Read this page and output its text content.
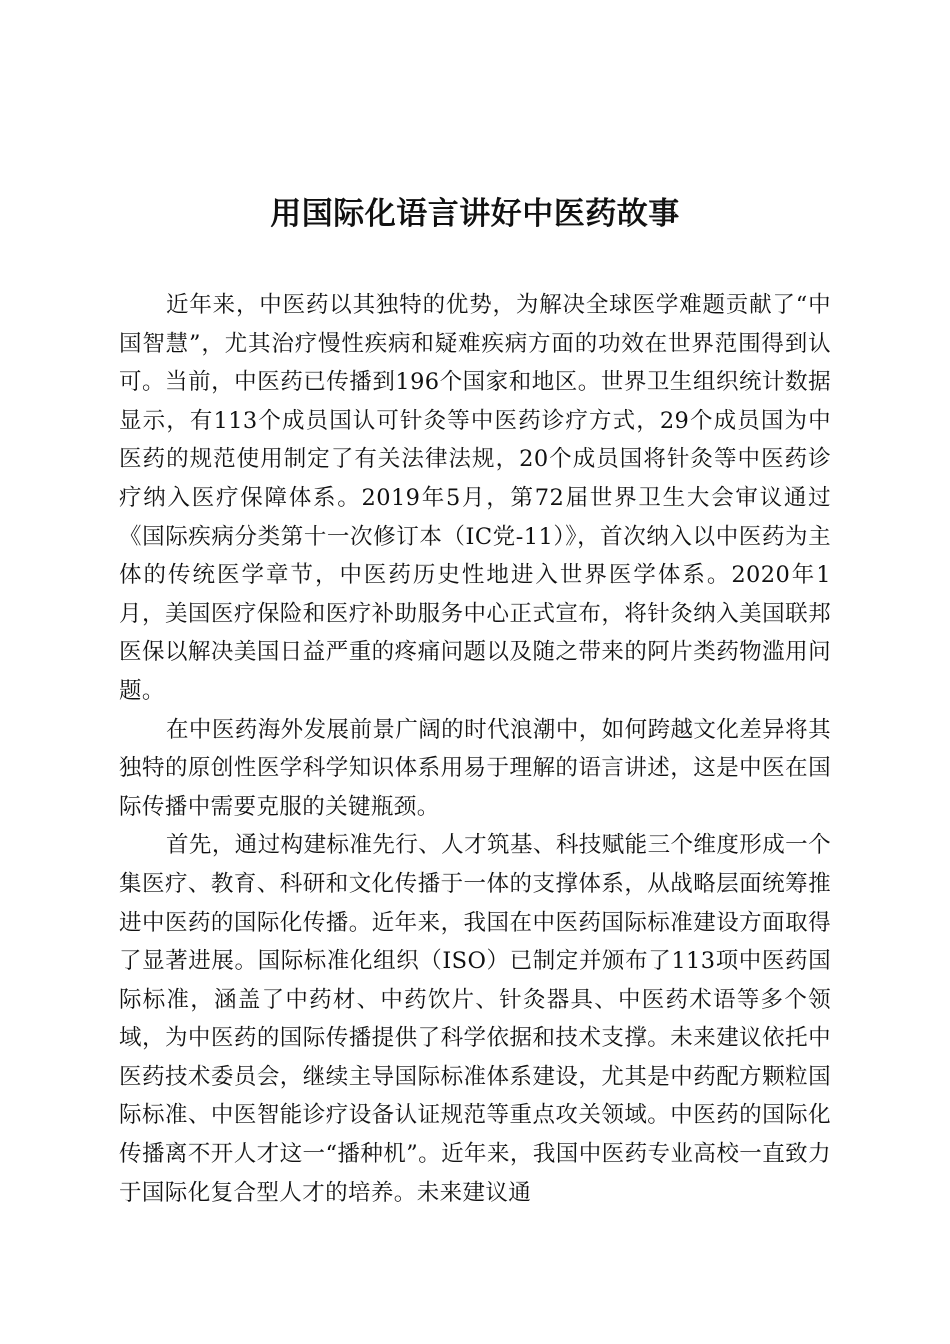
用国际化语言讲好中医药故事

近年来，中医药以其独特的优势，为解决全球医学难题贡献了“中国智慧”，尤其治疗慢性疾病和疑难疾病方面的功效在世界范围得到认可。当前，中医药已传播到196个国家和地区。世界卫生组织统计数据显示，有113个成员国认可针灸等中医药诊疗方式，29个成员国为中医药的规范使用制定了有关法律法规，20个成员国将针灸等中医药诊疗纳入医疗保障体系。2019年5月，第72届世界卫生大会审议通过《国际疾病分类第十一次修订本（IC党-11）》，首次纳入以中医药为主体的传统医学章节，中医药历史性地进入世界医学体系。2020年1月，美国医疗保险和医疗补助服务中心正式宣布，将针灸纳入美国联邦医保以解决美国日益严重的疼痛问题以及随之带来的阿片类药物滥用问题。

在中医药海外发展前景广阔的时代浪潮中，如何跨越文化差异将其独特的原创性医学科学知识体系用易于理解的语言讲述，这是中医在国际传播中需要克服的关键瓶颈。

首先，通过构建标准先行、人才筑基、科技赋能三个维度形成一个集医疗、教育、科研和文化传播于一体的支撑体系，从战略层面统筹推进中医药的国际化传播。近年来，我国在中医药国际标准建设方面取得了显著进展。国际标准化组织（ISO）已制定并颁布了113项中医药国际标准，涵盖了中药材、中药饮片、针灸器具、中医药术语等多个领域，为中医药的国际传播提供了科学依据和技术支撑。未来建议依托中医药技术委员会，继续主导国际标准体系建设，尤其是中药配方颗粒国际标准、中医智能诊疗设备认证规范等重点攻关领域。中医药的国际化传播离不开人才这一“播种机”。近年来，我国中医药专业高校一直致力于国际化复合型人才的培养。未来建议通
